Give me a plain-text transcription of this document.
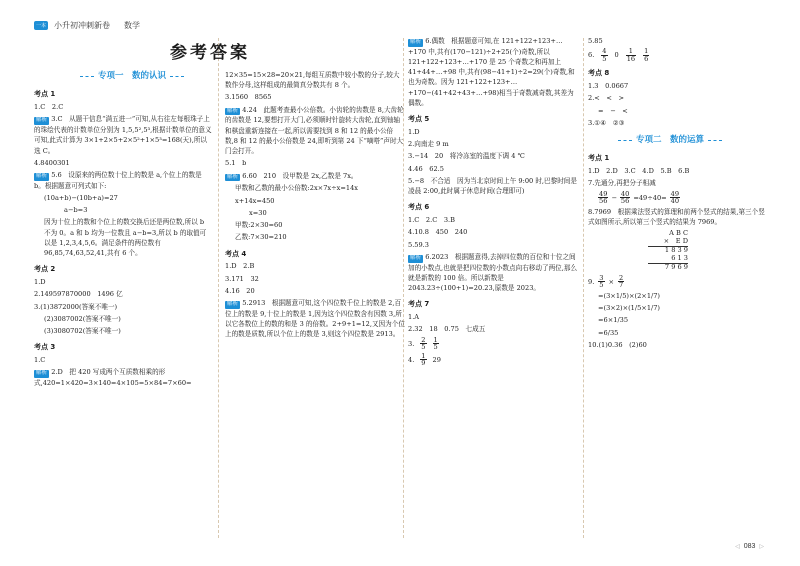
一本 小升初冲刺新卷 数学
参考答案
专项一　数的认识
考点 1
1.C　2.C
解析 3.C　从题干信息“满五进一”可知,从右往左每根珠子上的珠绘代表的计数单位分别为 1,5,5²,5³,根据计数单位的意义可知,此式计算为 3×1+2×5+2×5²+1×5³=168(天),所以选 C。
4.8400301
解析 5.6　设原来的两位数十位上的数是 a,个位上的数是 b。根据题意可列式如下:
(10a+b)−(10b+a)=27
a−b=3
因为十位上的数和个位上的数交换后还是两位数,所以 b 不为 0。a 和 b 均为一位数且 a−b=3,所以 b 的取值可以是 1,2,3,4,5,6。满足条件的两位数有 96,85,74,63,52,41,共有 6 个。
考点 2
1.D
2.1495978700​00　1496 亿
3.(1)3872000(答案不唯一)
(2)3087002(答案不唯一)
(3)3080702(答案不唯一)
考点 3
1.C
解析 2.D　把 420 写成两个互质数相乘的形式,420=1×420=3×140=4×105=5×84=7×60=
12×35=15×28=20×21,每组互质数中较小数的分子,较大数作分母,这样组成的最简真分数共有 8 个。
3.1560　8565
解析 4.24　此题考查最小公倍数。小齿轮的齿数是 8,大齿轮的齿数是 12,要想打开大门,必须顺时针旋转大齿轮,直到铀轴和棋盘重新连接在一起,所以需要找到 8 和 12 的最小公倍数,8 和 12 的最小公倍数是 24,即听到第 24 下“嘀嗒”声时大门会打开。
5.1　b
解析 6.60　210　设甲数是 2x,乙数是 7x。
甲数和乙数的最小公倍数:2x×7x÷x=14x
x+14x=450
x=30
甲数:2×30=60
乙数:7×30=210
考点 4
1.D　2.B
3.171　32
4.16　20
解析 5.2913　根据题意可知,这个四位数千位上的数是 2,百位上的数是 9,十位上的数是 1,因为这个四位数含有因数 3,所以它各数位上的数的和是 3 的倍数。2+9+1=12,又因为个位上的数是质数,所以个位上的数是 3,则这个四位数是 2913。
解析 6.偶数　根据题意可知,在 121+122+123+…+170 中,共有(170−121)÷2+25(个)奇数,所以 121+122+123+…+170 是 25 个奇数之和再加上 41+44+…+98 中,共有(98−41+1)÷2=29(个)奇数,和也为奇数。因为 121+122+123+…+170−(41+42+43+…+98)相当于奇数减奇数,其差为偶数。
考点 5
1.D
2.向南走 9 m
3.−14　20　将冷冻室的温度下调 4 ℃
4.46　62.5
5.−8　不合适　因为当北京时间上午 9:00 时,巴黎时间是凌晨 2:00,此时属于休息时间(合理即可)
考点 6
1.C　2.C　3.B
4.10.8　450　240
5.59.3
解析 6.2023　根据题意得,去掉四位数的百位和十位之间加的小数点,也就是把四位数的小数点向右移动了两位,那么就是新数的 100 倍。所以新数是 2043.23÷(100+1)=20.23,原数是 2023。
考点 7
1.A
2.32　18　0.75　七成五
3. 2
5
1
5
4. 1
9 29
5.85
6. 4
5 0 1
16
1
6
考点 8
1.3　0.0667
2.<　<　>
=　−　<
3.①④　②③
专项二　数的运算
考点 1
1.D　2.D　3.C　4.D　5.B　6.B
7.先通分,再把分子相减
49
$56 - \frac{40}{56} =49\div 40= \frac{49}{40}$
8.7969　根据乘法竖式的算理和前两个竖式的结果,第三个竖式如图所示,所以第三个竖式的结果为 7969。
A B C
×　E D
1 8 3 9
6 1 3
7 9 6 9
9. $\frac{3}{5} \times \frac{2}{7}$
=(3×1/5)×(2×1/7)
=(3×2)×(1/5×1/7)
=6×1/35
=6/35
10.(1)0.36　(2)60
◁ 083 ▷
